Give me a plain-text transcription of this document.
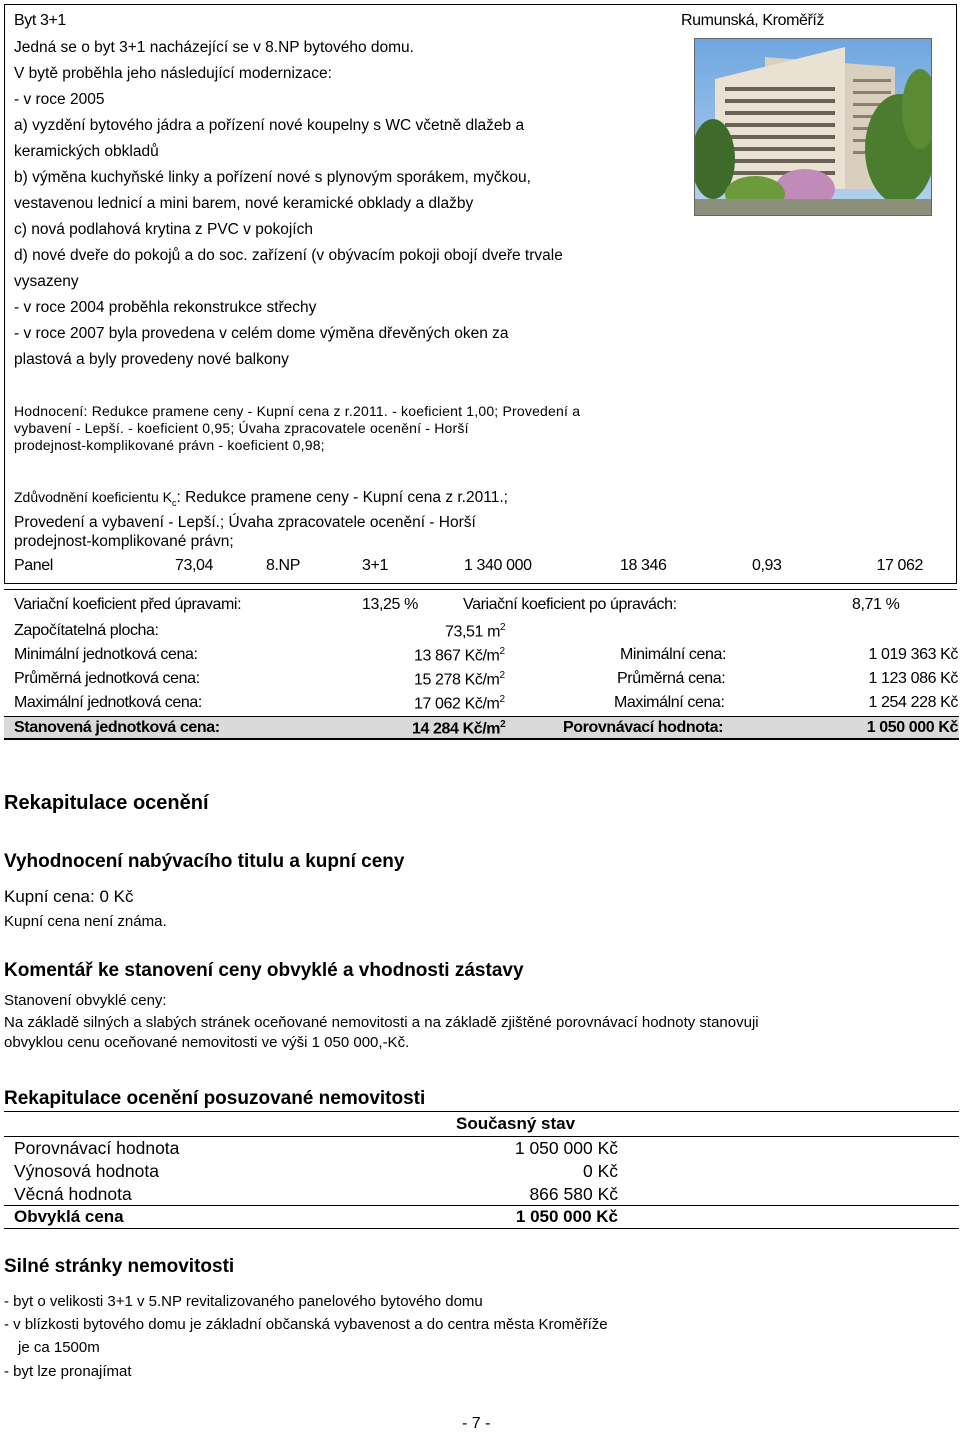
Byt 3+1	Rumunská, Kroměříž
Jedná se o byt 3+1 nacházející se v 8.NP bytového domu.
V bytě proběhla jeho následující modernizace:
- v roce 2005
a) vyzdění bytového jádra a pořízení nové koupelny s WC včetně dlažeb a
keramických obkladů
b) výměna kuchyňské linky a pořízení nové s plynovým sporákem, myčkou,
vestavenou lednicí a mini barem, nové keramické obklady a dlažby
c) nová podlahová krytina z PVC v pokojích
d) nové dveře do pokojů a do soc. zařízení (v obývacím pokoji obojí dveře trvale
vysazeny
- v roce 2004 proběhla rekonstrukce střechy
- v roce 2007 byla provedena v celém dome výměna dřevěných oken za
plastová a byly provedeny nové balkony
Hodnocení: Redukce pramene ceny - Kupní cena z r.2011. - koeficient 1,00; Provedení a
vybavení - Lepší. - koeficient 0,95; Úvaha zpracovatele ocenění - Horší
prodejnost-komplikované právn - koeficient 0,98;
Zdůvodnění koeficientu $K_c$: Redukce pramene ceny - Kupní cena z r.2011.;
Provedení a vybavení - Lepší.; Úvaha zpracovatele ocenění - Horší
prodejnost-komplikované právn;
Panel	73,04	8.NP	3+1	1 340 000	18 346	0,93	17 062
Variační koeficient před úpravami:	13,25 %	Variační koeficient po úpravách:	8,71 %
Započítatelná plocha:	73,51 $m^2$
Minimální jednotková cena:	13 867 $Kč/m^2$	Minimální cena:	1 019 363 Kč
Průměrná jednotková cena:	15 278 $Kč/m^2$	Průměrná cena:	1 123 086 Kč
Maximální jednotková cena:	17 062 $Kč/m^2$	Maximální cena:	1 254 228 Kč
Stanovená jednotková cena:	14 284 $Kč/m^2$	Porovnávací hodnota:	1 050 000 Kč
Rekapitulace ocenění
Vyhodnocení nabývacího titulu a kupní ceny
Kupní cena: 0 Kč
Kupní cena není známa.
Komentář ke stanovení ceny obvyklé a vhodnosti zástavy
Stanovení obvyklé ceny:
Na základě silných a slabých stránek oceňované nemovitosti a na základě zjištěné porovnávací hodnoty stanovuji
obvyklou cenu oceňované nemovitosti ve výši 1 050 000,-Kč.
Rekapitulace ocenění posuzované nemovitosti
Současný stav
Porovnávací hodnota	1 050 000 Kč
Výnosová hodnota	0 Kč
Věcná hodnota	866 580 Kč
Obvyklá cena	1 050 000 Kč
Silné stránky nemovitosti
- byt o velikosti 3+1 v 5.NP revitalizovaného panelového bytového domu
- v blízkosti bytového domu je základní občanská vybavenost a do centra města Kroměříže
je ca 1500m
- byt lze pronajímat
- 7 -
